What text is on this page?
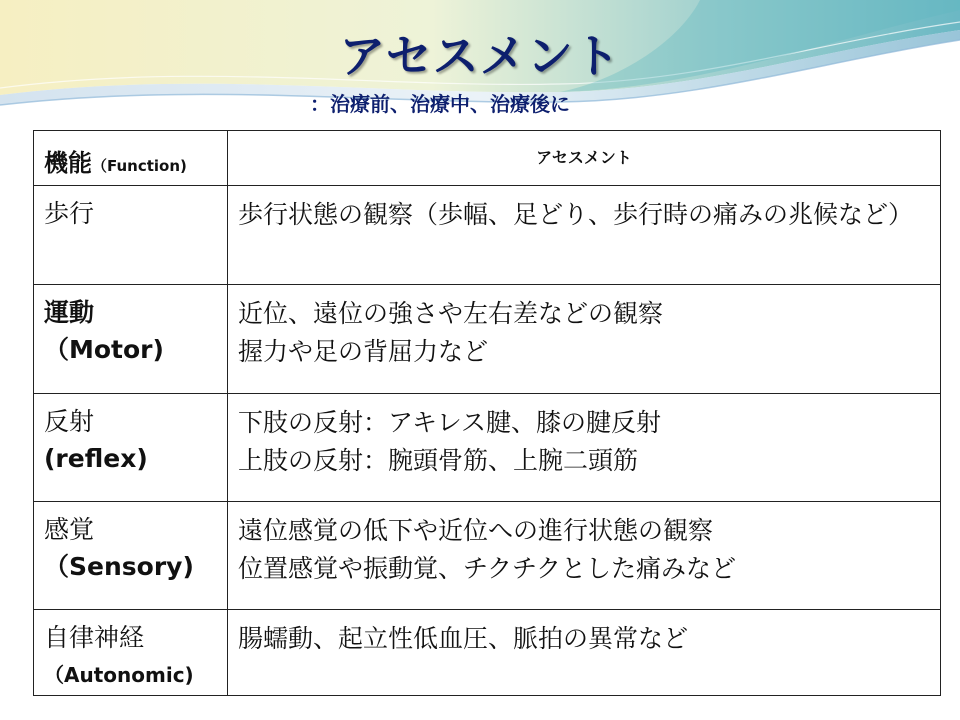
アセスメント
：治療前、治療中、治療後に
機能（Function)	アセスメント

歩行	歩行状態の観察（歩幅、足どり、歩行時の痛みの兆候など）

運動
（Motor)	近位、遠位の強さや左右差などの観察
握力や足の背屈力など

反射
(reflex)	下肢の反射：アキレス腱、膝の腱反射
上肢の反射：腕頭骨筋、上腕二頭筋

感覚
（Sensory)	遠位感覚の低下や近位への進行状態の観察
位置感覚や振動覚、チクチクとした痛みなど

自律神経
（Autonomic)	腸蠕動、起立性低血圧、脈拍の異常など
